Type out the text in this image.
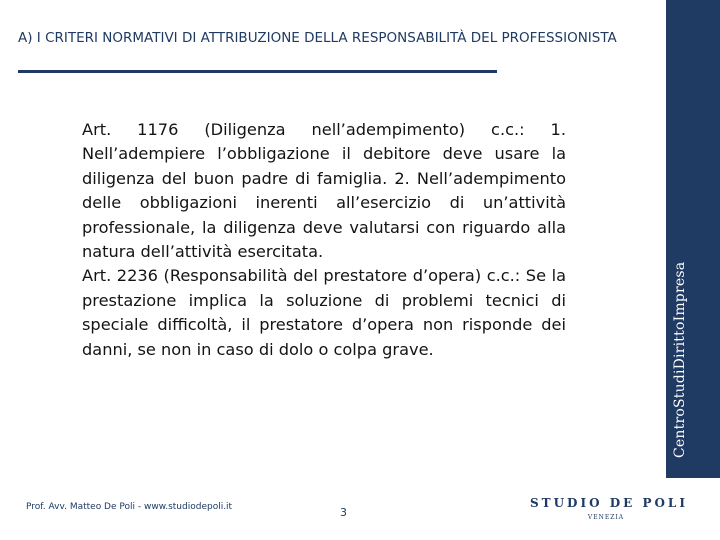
A) I CRITERI NORMATIVI DI ATTRIBUZIONE DELLA RESPONSABILITÀ DEL PROFESSIONISTA

Art. 1176 (Diligenza nell’adempimento) c.c.: 1. Nell’adempiere l’obbligazione il debitore deve usare la diligenza del buon padre di famiglia. 2. Nell’adempimento delle obbligazioni inerenti all’esercizio di un’attività professionale, la diligenza deve valutarsi con riguardo alla natura dell’attività esercitata.

Art. 2236 (Responsabilità del prestatore d’opera) c.c.: Se la prestazione implica la soluzione di problemi tecnici di speciale difficoltà, il prestatore d’opera non risponde dei danni, se non in caso di dolo o colpa grave.	CentroStudiDirittoImpresa
Prof. Avv. Matteo De Poli - www.studiodepoli.it	3
STUDIO DE POLI
VENEZIA
